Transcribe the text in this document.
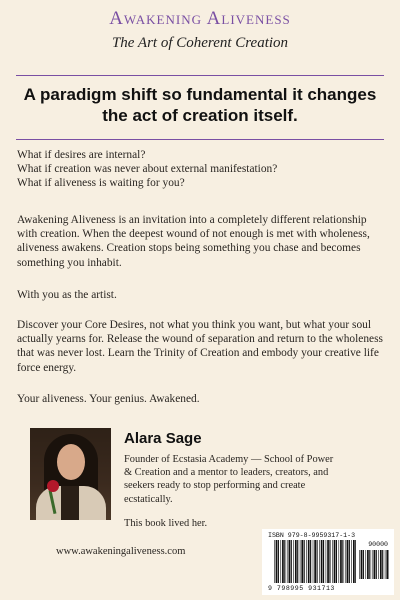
Awakening Aliveness
The Art of Coherent Creation
A paradigm shift so fundamental it changes the act of creation itself.
What if desires are internal?
What if creation was never about external manifestation?
What if aliveness is waiting for you?
Awakening Aliveness is an invitation into a completely different relationship with creation. When the deepest wound of not enough is met with wholeness, aliveness awakens. Creation stops being something you chase and becomes something you inhabit.
With you as the artist.
Discover your Core Desires, not what you think you want, but what your soul actually yearns for. Release the wound of separation and return to the wholeness that was never lost. Learn the Trinity of Creation and embody your creative life force energy.
Your aliveness. Your genius. Awakened.
Alara Sage
Founder of Ecstasia Academy — School of Power
& Creation and a mentor to leaders, creators, and
seekers ready to stop performing and create
ecstatically.
This book lived her.
www.awakeningaliveness.com
ISBN 979-8-9959317-1-3
90000
9 798995 931713
